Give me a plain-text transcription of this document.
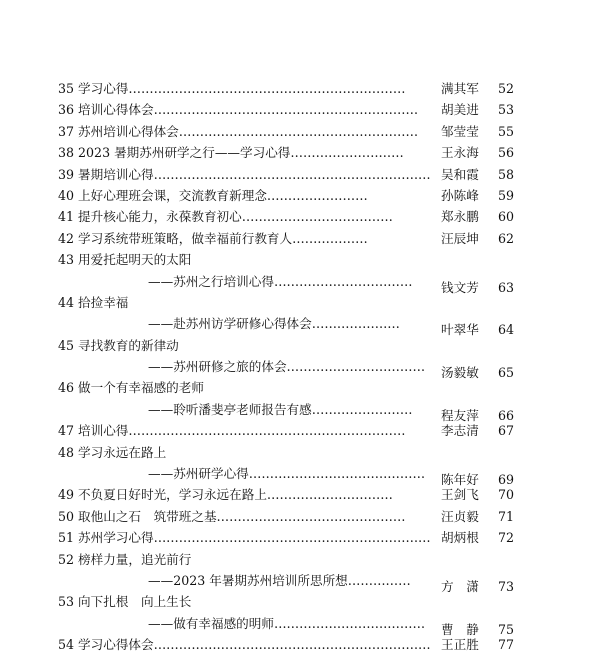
35 学习心得…………………………………………………………	满其军	52
36 培训心得体会……………………………………………………… 胡美进	53
37 苏州培训心得体会………………………………………………… 邹莹莹	55
38 2023 暑期苏州研学之行——学习心得………………………	王永海	56
39 暑期培训心得………………………………………………………… 吴和霞	58
40 上好心理班会课，交流教育新理念……………………	孙陈峰	59
41 提升核心能力，永葆教育初心………………………………	郑永鹏	60
42 学习系统带班策略，做幸福前行教育人………………	汪辰坤	62
43 用爱托起明天的太阳
——苏州之行培训心得…………………………… 钱文芳	63
44 拾捡幸福
——赴苏州访学研修心得体会…………………	叶翠华	64
45 寻找教育的新律动
——苏州研修之旅的体会…………………………… 汤毅敏	65
46 做一个有幸福感的老师
——聆听潘斐亭老师报告有感…………………… 程友萍	66
47 培训心得…………………………………………………………	李志清	67
48 学习永远在路上
——苏州研学心得…………………………………… 陈年好	69
49 不负夏日好时光，学习永远在路上…………………………	王剑飞	70
50 取他山之石　筑带班之基………………………………………	汪贞毅	71
51 苏州学习心得………………………………………………………… 胡炳根	72
52 榜样力量，追光前行
——2023 年暑期苏州培训所思所想…………… 方　潇	73
53 向下扎根　向上生长
——做有幸福感的明师……………………………… 曹　静	75
54 学习心得体会………………………………………………………… 王正胜	77
